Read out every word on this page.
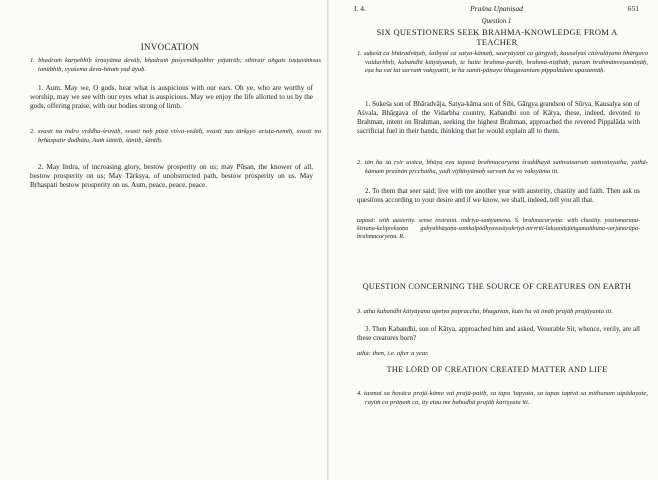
INVOCATION

1. bhadraṁ karṇebhiḥ śṛṇuyāma devāḥ, bhadraṁ paśyemākṣabhir yajatrāḥ; sthirair aṅgais tuṣṭuvāṁsas tanūbhiḥ, vyaśema deva-hitaṁ yad āyuḥ.

1. Aum. May we, O gods, hear what is auspicious with our ears. Oh ye, who are worthy of worship, may we see with our eyes what is auspicious. May we enjoy the life allotted to us by the gods, offering praise, with our bodies strong of limb.

2. svasti na indro vṛddha-śravāḥ, svasti naḥ pūṣā viśva-vedāḥ, svasti nas tārkṣyo ariṣṭa-nemiḥ, svasti no bṛhaspatir dadhātu, Auṁ śāntiḥ, śāntiḥ, śāntiḥ.

2. May Indra, of increasing glory, bestow prosperity on us; may Pūṣan, the knower of all, bestow prosperity on us; May Tārkṣya, of unobstructed path, bestow prosperity on us. May Bṛhaspati bestow prosperity on us. Aum, peace, peace, peace.

I. 4.	Praśna Upaniṣad	651
Question 1
SIX QUESTIONERS SEEK BRAHMA-KNOWLEDGE FROM A TEACHER

1. sukeśā ca bhāradvājaḥ, śaibyaś ca satya-kāmaḥ, sauryāyaṇī ca gārgyaḥ, kausalyaś cāśvalāyano bhārgavo vaidarbhiḥ, kabandhī kātyāyanaḥ, te haite brahma-parāḥ, brahma-niṣṭhāḥ, paraṁ brahmānveṣamāṇāḥ, eṣa ha vai tat sarvaṁ vakṣyatīti, te ha samit-pāṇayo bhagavantam pippalādam upasannāḥ.

1. Sukeśa son of Bhāradvāja, Satya-kāma son of Śibi, Gārgya grandson of Sūrya, Kausalya son of Aśvala, Bhārgava of the Vidarbha country, Kabandhi son of Kātya, these, indeed, devoted to Brahman, intent on Brahman, seeking the highest Brahman, approached the revered Pippalāda with sacrificial fuel in their hands, thinking that he would explain all to them.

2. tān ha sa ṛṣir uvāca, bhūya eva tapasā brahmacaryeṇa śraddhayā saṁvatsaraṁ saṁvatsyatha, yathā-kāmaṁ praśnān pṛcchatha, yadi vijñāsyāmaḥ sarvaṁ ha vo vakṣyāma iti.

2. To them that seer said; live with me another year with austerity, chastity and faith. Then ask us questions according to your desire and if we know, we shall, indeed, tell you all that.

tapasā: with austerity. sense restraint. indriya-saṁyamena. Ś. brahmacaryeṇa: with chastity. yoṣitsmaraṇa-kīrtana-keliprekṣaṇa guhyabhāṣaṇa-saṁkalpādhyavasāyakriyā-nirvṛtti-lakṣaṇāṣṭāṅgamaithuna-varjanarūpa-brahmacaryeṇa. R.

QUESTION CONCERNING THE SOURCE OF CREATURES ON EARTH

3. atha kabandhī kātyāyana upetya papraccha, bhagavan, kuto ha vā imāḥ prajāḥ prajāyanta iti.

3. Then Kabandhi, son of Kātya, approached him and asked, Venerable Sir, whence, verily, are all these creatures born?

atha: then, i.e. after a year.

THE LORD OF CREATION CREATED MATTER AND LIFE

4. tasmai sa hovāca prajā-kāmo vai prajā-patiḥ, sa tapo 'tapyata, sa tapas taptvā sa mithunam utpādayate, rayiṁ ca prāṇaṁ ca, ity etau me bahudhā prajāḥ kariṣyata iti.
